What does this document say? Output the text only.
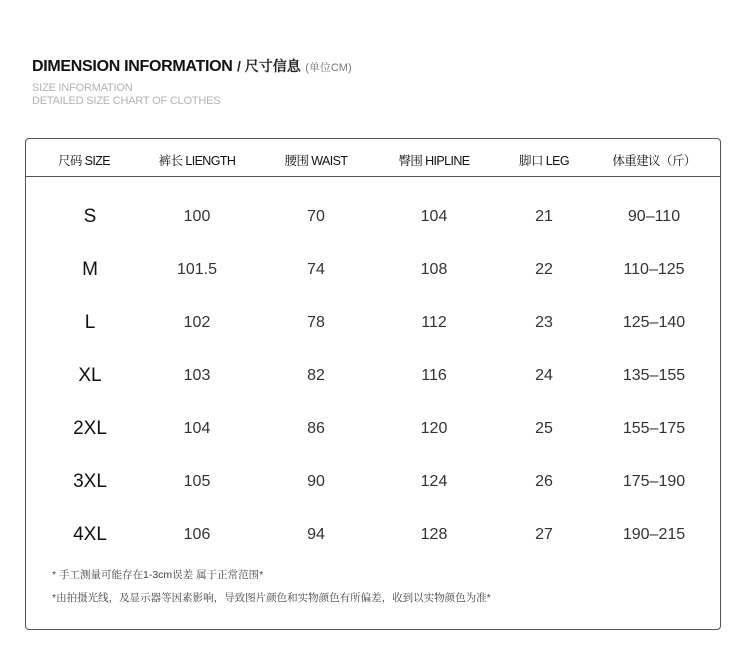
DIMENSION INFORMATION / 尺寸信息 (单位CM)
SIZE INFORMATION
DETAILED SIZE CHART OF CLOTHES
尺码 SIZE	裤长 LIENGTH	腰围 WAIST	臀围 HIPLINE	脚口 LEG	体重建议（斤）
S	100	70	104	21	90–110
M	101.5	74	108	22	110–125
L	102	78	112	23	125–140
XL	103	82	116	24	135–155
2XL	104	86	120	25	155–175
3XL	105	90	124	26	175–190
4XL	106	94	128	27	190–215
* 手工测量可能存在1-3cm误差 属于正常范围*
*由拍摄光线，及显示器等因素影响，导致图片颜色和实物颜色有所偏差，收到以实物颜色为准*
